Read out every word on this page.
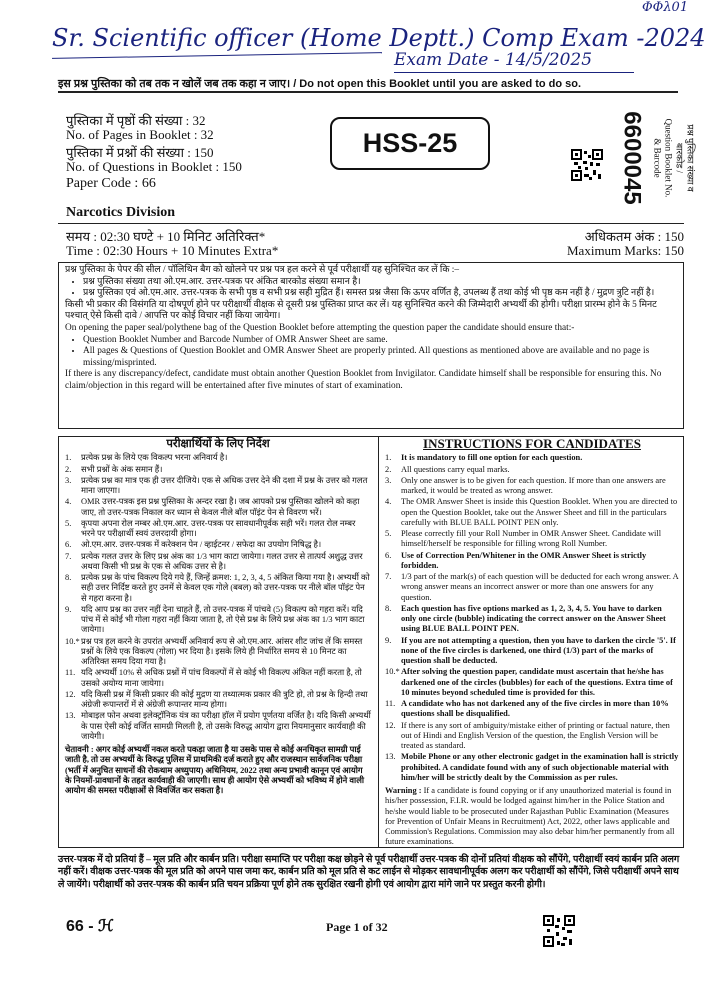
Sr. Scientific officer (Home Deptt.) Comp Exam -2024
Exam Date - 14/5/2025
ΦΦλ01
इस प्रश्न पुस्तिका को तब तक न खोलें जब तक कहा न जाए। / Do not open this Booklet until you are asked to do so.
पुस्तिका में पृष्ठों की संख्या : 32
No. of Pages in Booklet : 32
पुस्तिका में प्रश्नों की संख्या : 150
No. of Questions in Booklet : 150
Paper Code : 66
HSS-25	6600045	प्रश्न पुस्तिका संख्या व
बारकोड /
Question Booklet No.
& Barcode
Narcotics Division
समय : 02:30 घण्टे + 10 मिनिट अतिरिक्त*
Time : 02:30 Hours + 10 Minutes Extra*
अधिकतम अंक : 150
Maximum Marks: 150

प्रश्न पुस्तिका के पेपर की सील / पॉलिथिन बैग को खोलने पर प्रश्न पत्र हल करने से पूर्व परीक्षार्थी यह सुनिश्चित कर लें कि :–

• प्रश्न पुस्तिका संख्या तथा ओ.एम.आर. उत्तर-पत्रक पर अंकित बारकोड संख्या समान है।
• प्रश्न पुस्तिका एवं ओ.एम.आर. उत्तर-पत्रक के सभी पृष्ठ व सभी प्रश्न सही मुद्रित हैं। समस्त प्रश्न जैसा कि ऊपर वर्णित है, उपलब्ध हैं तथा कोई भी पृष्ठ कम नहीं है / मुद्रण त्रुटि नहीं है।

किसी भी प्रकार की विसंगति या दोषपूर्ण होने पर परीक्षार्थी वीक्षक से दूसरी प्रश्न पुस्तिका प्राप्त कर लें। यह सुनिश्चित करने की जिम्मेदारी अभ्यर्थी की होगी। परीक्षा प्रारम्भ होने के 5 मिनट पश्चात् ऐसे किसी दावे / आपत्ति पर कोई विचार नहीं किया जायेगा।

On opening the paper seal/polythene bag of the Question Booklet before attempting the question paper the candidate should ensure that:-

• Question Booklet Number and Barcode Number of OMR Answer Sheet are same.
• All pages & Questions of Question Booklet and OMR Answer Sheet are properly printed. All questions as mentioned above are available and no page is missing/misprinted.

If there is any discrepancy/defect, candidate must obtain another Question Booklet from Invigilator. Candidate himself shall be responsible for ensuring this. No claim/objection in this regard will be entertained after five minutes of start of examination.

परीक्षार्थियों के लिए निर्देश
1.	प्रत्येक प्रश्न के लिये एक विकल्प भरना अनिवार्य है।
2.	सभी प्रश्नों के अंक समान हैं।
3.	प्रत्येक प्रश्न का मात्र एक ही उत्तर दीजिये। एक से अधिक उत्तर देने की दशा में प्रश्न के उत्तर को गलत माना जाएगा।
4.	OMR उत्तर-पत्रक इस प्रश्न पुस्तिका के अन्दर रखा है। जब आपको प्रश्न पुस्तिका खोलने को कहा जाए, तो उत्तर-पत्रक निकाल कर ध्यान से केवल नीले बॉल पॉइंट पेन से विवरण भरें।
5.	कृपया अपना रोल नम्बर ओ.एम.आर. उत्तर-पत्रक पर सावधानीपूर्वक सही भरें। गलत रोल नम्बर भरने पर परीक्षार्थी स्वयं उत्तरदायी होगा।
6.	ओ.एम.आर. उत्तर-पत्रक में करेक्शन पेन / व्हाईटनर / सफेदा का उपयोग निषिद्ध है।
7.	प्रत्येक गलत उत्तर के लिए प्रश्न अंक का 1/3 भाग काटा जायेगा। गलत उत्तर से तात्पर्य अशुद्ध उत्तर अथवा किसी भी प्रश्न के एक से अधिक उत्तर से है।
8.	प्रत्येक प्रश्न के पांच विकल्प दिये गये हैं, जिन्हें क्रमश: 1, 2, 3, 4, 5 अंकित किया गया है। अभ्यर्थी को सही उत्तर निर्दिष्ट करते हुए उनमें से केवल एक गोले (बबल) को उत्तर-पत्रक पर नीले बॉल पॉइंट पेन से गहरा करना है।
9.	यदि आप प्रश्न का उत्तर नहीं देना चाहते हैं, तो उत्तर-पत्रक में पांचवे (5) विकल्प को गहरा करें। यदि पांच में से कोई भी गोला गहरा नहीं किया जाता है, तो ऐसे प्रश्न के लिये प्रश्न अंक का 1/3 भाग काटा जायेगा।
10.* प्रश्न पत्र हल करने के उपरांत अभ्यर्थी अनिवार्य रूप से ओ.एम.आर. आंसर शीट जांच लें कि समस्त प्रश्नों के लिये एक विकल्प (गोला) भर दिया है। इसके लिये ही निर्धारित समय से 10 मिनट का अतिरिक्त समय दिया गया है।
11. यदि अभ्यर्थी 10% से अधिक प्रश्नों में पांच विकल्पों में से कोई भी विकल्प अंकित नहीं करता है, तो उसको अयोग्य माना जायेगा।
12. यदि किसी प्रश्न में किसी प्रकार की कोई मुद्रण या तथ्यात्मक प्रकार की त्रुटि हो, तो प्रश्न के हिन्दी तथा अंग्रेजी रूपान्तरों में से अंग्रेजी रूपान्तर मान्य होगा।
13. मोबाइल फोन अथवा इलेक्ट्रॉनिक यंत्र का परीक्षा हॉल में प्रयोग पूर्णतया वर्जित है। यदि किसी अभ्यर्थी के पास ऐसी कोई वर्जित सामग्री मिलती है, तो उसके विरुद्ध आयोग द्वारा नियमानुसार कार्यवाही की जायेगी।
चेतावनी : अगर कोई अभ्यर्थी नकल करते पकड़ा जाता है या उसके पास से कोई अनधिकृत सामग्री पाई जाती है, तो उस अभ्यर्थी के विरुद्ध पुलिस में प्राथमिकी दर्ज कराते हुए और राजस्थान सार्वजनिक परीक्षा (भर्ती में अनुचित साधनों की रोकथाम अध्युपाय) अधिनियम, 2022 तथा अन्य प्रभावी कानून एवं आयोग के नियमों-प्रावधानों के तहत कार्यवाही की जाएगी। साथ ही आयोग ऐसे अभ्यर्थी को भविष्य में होने वाली आयोग की समस्त परीक्षाओं से विवर्जित कर सकता है।
INSTRUCTIONS FOR CANDIDATES
1.	It is mandatory to fill one option for each question.
2.	All questions carry equal marks.
3.	Only one answer is to be given for each question. If more than one answers are marked, it would be treated as wrong answer.
4.	The OMR Answer Sheet is inside this Question Booklet. When you are directed to open the Question Booklet, take out the Answer Sheet and fill in the particulars carefully with BLUE BALL POINT PEN only.
5.	Please correctly fill your Roll Number in OMR Answer Sheet. Candidate will himself/herself be responsible for filling wrong Roll Number.
6.	Use of Correction Pen/Whitener in the OMR Answer Sheet is strictly forbidden.
7.	1/3 part of the mark(s) of each question will be deducted for each wrong answer. A wrong answer means an incorrect answer or more than one answers for any question.
8.	Each question has five options marked as 1, 2, 3, 4, 5. You have to darken only one circle (bubble) indicating the correct answer on the Answer Sheet using BLUE BALL POINT PEN.
9.	If you are not attempting a question, then you have to darken the circle '5'. If none of the five circles is darkened, one third (1/3) part of the marks of question shall be deducted.
10.* After solving the question paper, candidate must ascertain that he/she has darkened one of the circles (bubbles) for each of the questions. Extra time of 10 minutes beyond scheduled time is provided for this.
11. A candidate who has not darkened any of the five circles in more than 10% questions shall be disqualified.
12. If there is any sort of ambiguity/mistake either of printing or factual nature, then out of Hindi and English Version of the question, the English Version will be treated as standard.
13. Mobile Phone or any other electronic gadget in the examination hall is strictly prohibited. A candidate found with any of such objectionable material with him/her will be strictly dealt by the Commission as per rules.
Warning : If a candidate is found copying or if any unauthorized material is found in his/her possession, F.I.R. would be lodged against him/her in the Police Station and he/she would liable to be prosecuted under Rajasthan Public Examination (Measures for Prevention of Unfair Means in Recruitment) Act, 2022, other laws applicable and Commission's Regulations. Commission may also debar him/her permanently from all future examinations.
उत्तर-पत्रक में दो प्रतियां हैं – मूल प्रति और कार्बन प्रति। परीक्षा समाप्ति पर परीक्षा कक्ष छोड़ने से पूर्व परीक्षार्थी उत्तर-पत्रक की दोनों प्रतियां वीक्षक को सौंपेंगे, परीक्षार्थी स्वयं कार्बन प्रति अलग नहीं करें। वीक्षक उत्तर-पत्रक की मूल प्रति को अपने पास जमा कर, कार्बन प्रति को मूल प्रति से कट लाईन से मोड़कर सावधानीपूर्वक अलग कर परीक्षार्थी को सौंपेंगे, जिसे परीक्षार्थी अपने साथ ले जायेंगे। परीक्षार्थी को उत्तर-पत्रक की कार्बन प्रति चयन प्रक्रिया पूर्ण होने तक सुरक्षित रखनी होगी एवं आयोग द्वारा मांगे जाने पर प्रस्तुत करनी होगी।
66 - ℋ	Page 1 of 32
